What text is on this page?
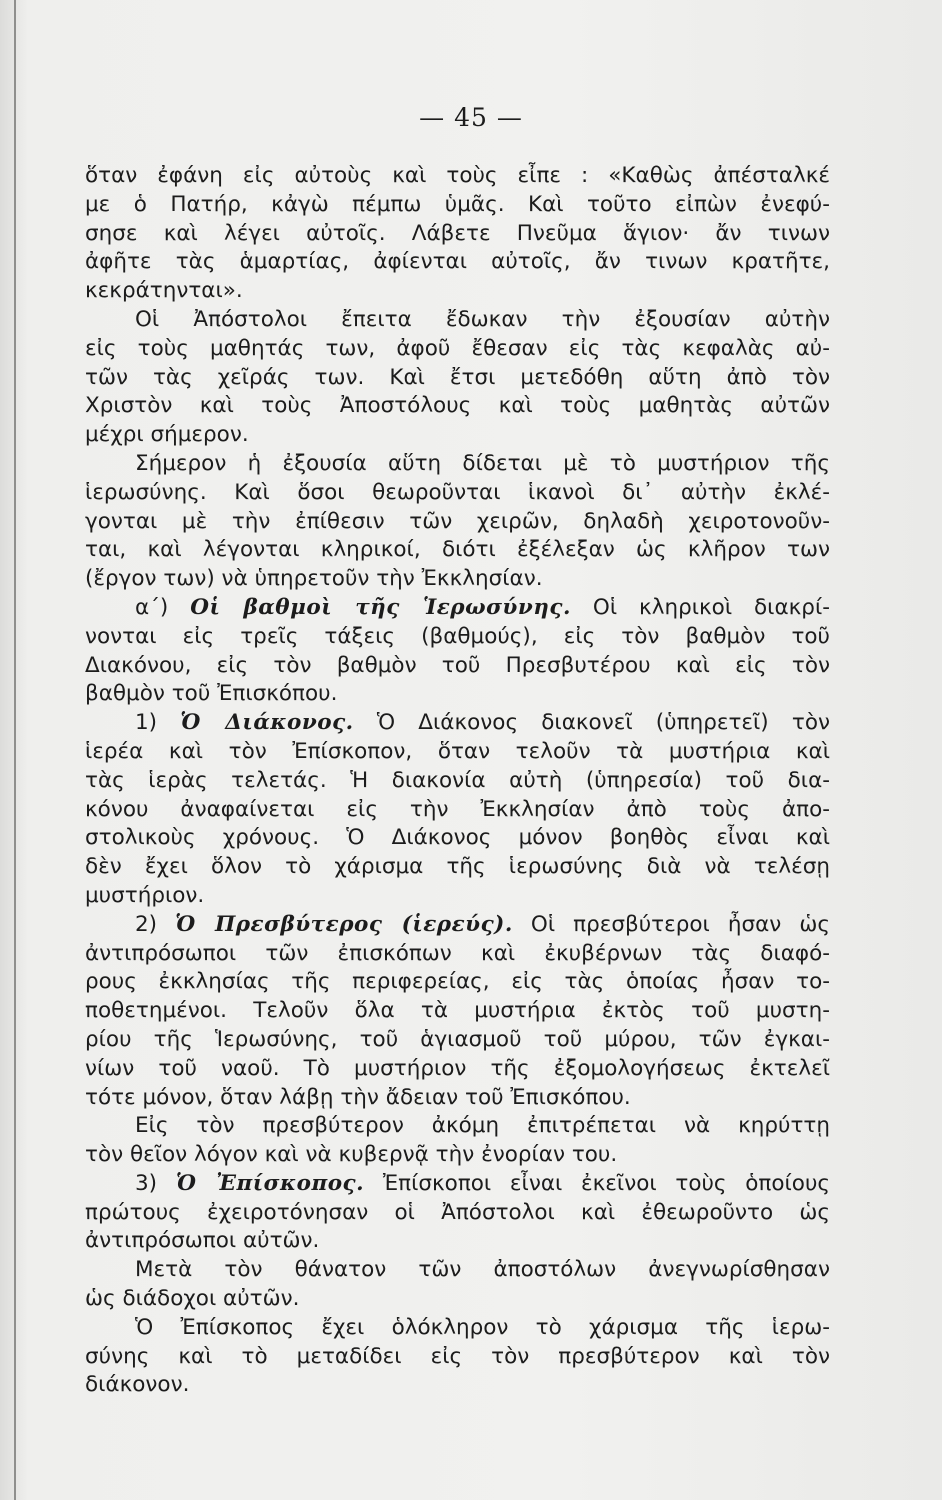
— 45 —
ὅταν ἐφάνη εἰς αὐτοὺς καὶ τοὺς εἶπε : «Καθὼς ἀπέσταλκέ
με ὁ Πατήρ, κἀγὼ πέμπω ὑμᾶς. Καὶ τοῦτο εἰπὼν ἐνεφύ-
σησε καὶ λέγει αὐτοῖς. Λάβετε Πνεῦμα ἅγιον· ἄν τινων
ἀφῆτε τὰς ἁμαρτίας, ἀφίενται αὐτοῖς, ἄν τινων κρατῆτε,
κεκράτηνται».
Οἱ Ἀπόστολοι ἔπειτα ἔδωκαν τὴν ἐξουσίαν αὐτὴν
εἰς τοὺς μαθητάς των, ἀφοῦ ἔθεσαν εἰς τὰς κεφαλὰς αὐ-
τῶν τὰς χεῖράς των. Καὶ ἔτσι μετεδόθη αὕτη ἀπὸ τὸν
Χριστὸν καὶ τοὺς Ἀποστόλους καὶ τοὺς μαθητὰς αὐτῶν
μέχρι σήμερον.
Σήμερον ἡ ἐξουσία αὕτη δίδεται μὲ τὸ μυστήριον τῆς
ἱερωσύνης. Καὶ ὅσοι θεωροῦνται ἱκανοὶ δι᾽ αὐτὴν ἐκλέ-
γονται μὲ τὴν ἐπίθεσιν τῶν χειρῶν, δηλαδὴ χειροτονοῦν-
ται, καὶ λέγονται κληρικοί, διότι ἐξέλεξαν ὡς κλῆρον των
(ἔργον των) νὰ ὑπηρετοῦν τὴν Ἐκκλησίαν.
α΄) Οἱ βαθμοὶ τῆς Ἱερωσύνης. Οἱ κληρικοὶ διακρί-
νονται εἰς τρεῖς τάξεις (βαθμούς), εἰς τὸν βαθμὸν τοῦ
Διακόνου, εἰς τὸν βαθμὸν τοῦ Πρεσβυτέρου καὶ εἰς τὸν
βαθμὸν τοῦ Ἐπισκόπου.
1) Ὁ Διάκονος. Ὁ Διάκονος διακονεῖ (ὑπηρετεῖ) τὸν
ἱερέα καὶ τὸν Ἐπίσκοπον, ὅταν τελοῦν τὰ μυστήρια καὶ
τὰς ἱερὰς τελετάς. Ἡ διακονία αὐτὴ (ὑπηρεσία) τοῦ δια-
κόνου ἀναφαίνεται εἰς τὴν Ἐκκλησίαν ἀπὸ τοὺς ἀπο-
στολικοὺς χρόνους. Ὁ Διάκονος μόνον βοηθὸς εἶναι καὶ
δὲν ἔχει ὅλον τὸ χάρισμα τῆς ἱερωσύνης διὰ νὰ τελέσῃ
μυστήριον.
2) Ὁ Πρεσβύτερος (ἱερεύς). Οἱ πρεσβύτεροι ἦσαν ὡς
ἀντιπρόσωποι τῶν ἐπισκόπων καὶ ἐκυβέρνων τὰς διαφό-
ρους ἐκκλησίας τῆς περιφερείας, εἰς τὰς ὁποίας ἦσαν το-
ποθετημένοι. Τελοῦν ὅλα τὰ μυστήρια ἐκτὸς τοῦ μυστη-
ρίου τῆς Ἱερωσύνης, τοῦ ἁγιασμοῦ τοῦ μύρου, τῶν ἐγκαι-
νίων τοῦ ναοῦ. Τὸ μυστήριον τῆς ἐξομολογήσεως ἐκτελεῖ
τότε μόνον, ὅταν λάβῃ τὴν ἄδειαν τοῦ Ἐπισκόπου.
Εἰς τὸν πρεσβύτερον ἀκόμη ἐπιτρέπεται νὰ κηρύττῃ
τὸν θεῖον λόγον καὶ νὰ κυβερνᾷ τὴν ἐνορίαν του.
3) Ὁ Ἐπίσκοπος. Ἐπίσκοποι εἶναι ἐκεῖνοι τοὺς ὁποίους
πρώτους ἐχειροτόνησαν οἱ Ἀπόστολοι καὶ ἐθεωροῦντο ὡς
ἀντιπρόσωποι αὐτῶν.
Μετὰ τὸν θάνατον τῶν ἀποστόλων ἀνεγνωρίσθησαν
ὡς διάδοχοι αὐτῶν.
Ὁ Ἐπίσκοπος ἔχει ὁλόκληρον τὸ χάρισμα τῆς ἱερω-
σύνης καὶ τὸ μεταδίδει εἰς τὸν πρεσβύτερον καὶ τὸν
διάκονον.
